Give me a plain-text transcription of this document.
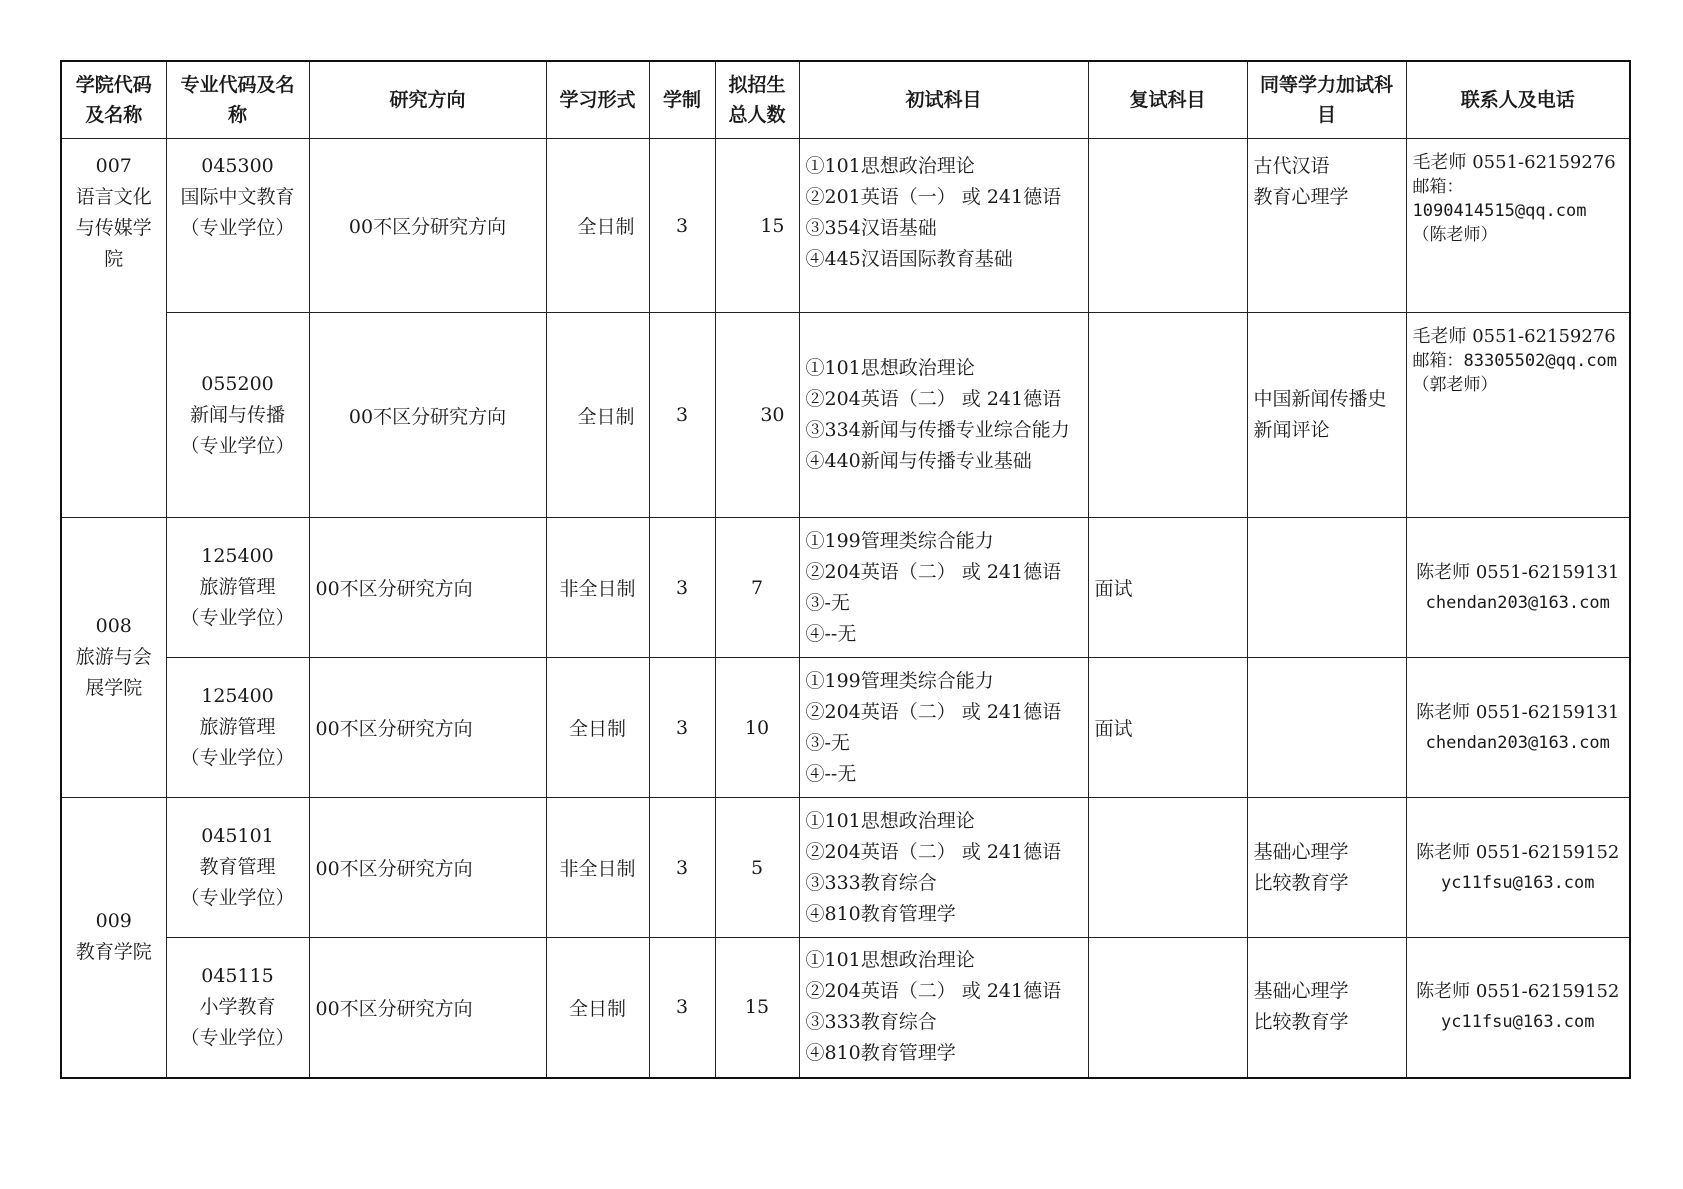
学院代码及名称	专业代码及名称	研究方向	学习形式	学制	拟招生总人数	初试科目	复试科目	同等学力加试科目	联系人及电话

007
语言文化与传媒学院	045300
国际中文教育
（专业学位）	00不区分研究方向	全日制	3	15	①101思想政治理论
②201英语（一） 或 241德语
③354汉语基础
④445汉语国际教育基础		古代汉语
教育心理学	毛老师 0551-62159276
邮箱：
1090414515@qq.com
（陈老师）

	055200
新闻与传播
（专业学位）	00不区分研究方向	全日制	3	30	①101思想政治理论
②204英语（二） 或 241德语
③334新闻与传播专业综合能力
④440新闻与传播专业基础		中国新闻传播史
新闻评论	毛老师 0551-62159276
邮箱：83305502@qq.com
（郭老师）

008
旅游与会展学院	125400
旅游管理
（专业学位）	00不区分研究方向	非全日制	3	7	①199管理类综合能力
②204英语（二） 或 241德语
③-无
④--无	面试		陈老师 0551-62159131
chendan203@163.com

	125400
旅游管理
（专业学位）	00不区分研究方向	全日制	3	10	①199管理类综合能力
②204英语（二） 或 241德语
③-无
④--无	面试		陈老师 0551-62159131
chendan203@163.com

009
教育学院	045101
教育管理
（专业学位）	00不区分研究方向	非全日制	3	5	①101思想政治理论
②204英语（二） 或 241德语
③333教育综合
④810教育管理学		基础心理学
比较教育学	陈老师 0551-62159152
yc11fsu@163.com

	045115
小学教育
（专业学位）	00不区分研究方向	全日制	3	15	①101思想政治理论
②204英语（二） 或 241德语
③333教育综合
④810教育管理学		基础心理学
比较教育学	陈老师 0551-62159152
yc11fsu@163.com
